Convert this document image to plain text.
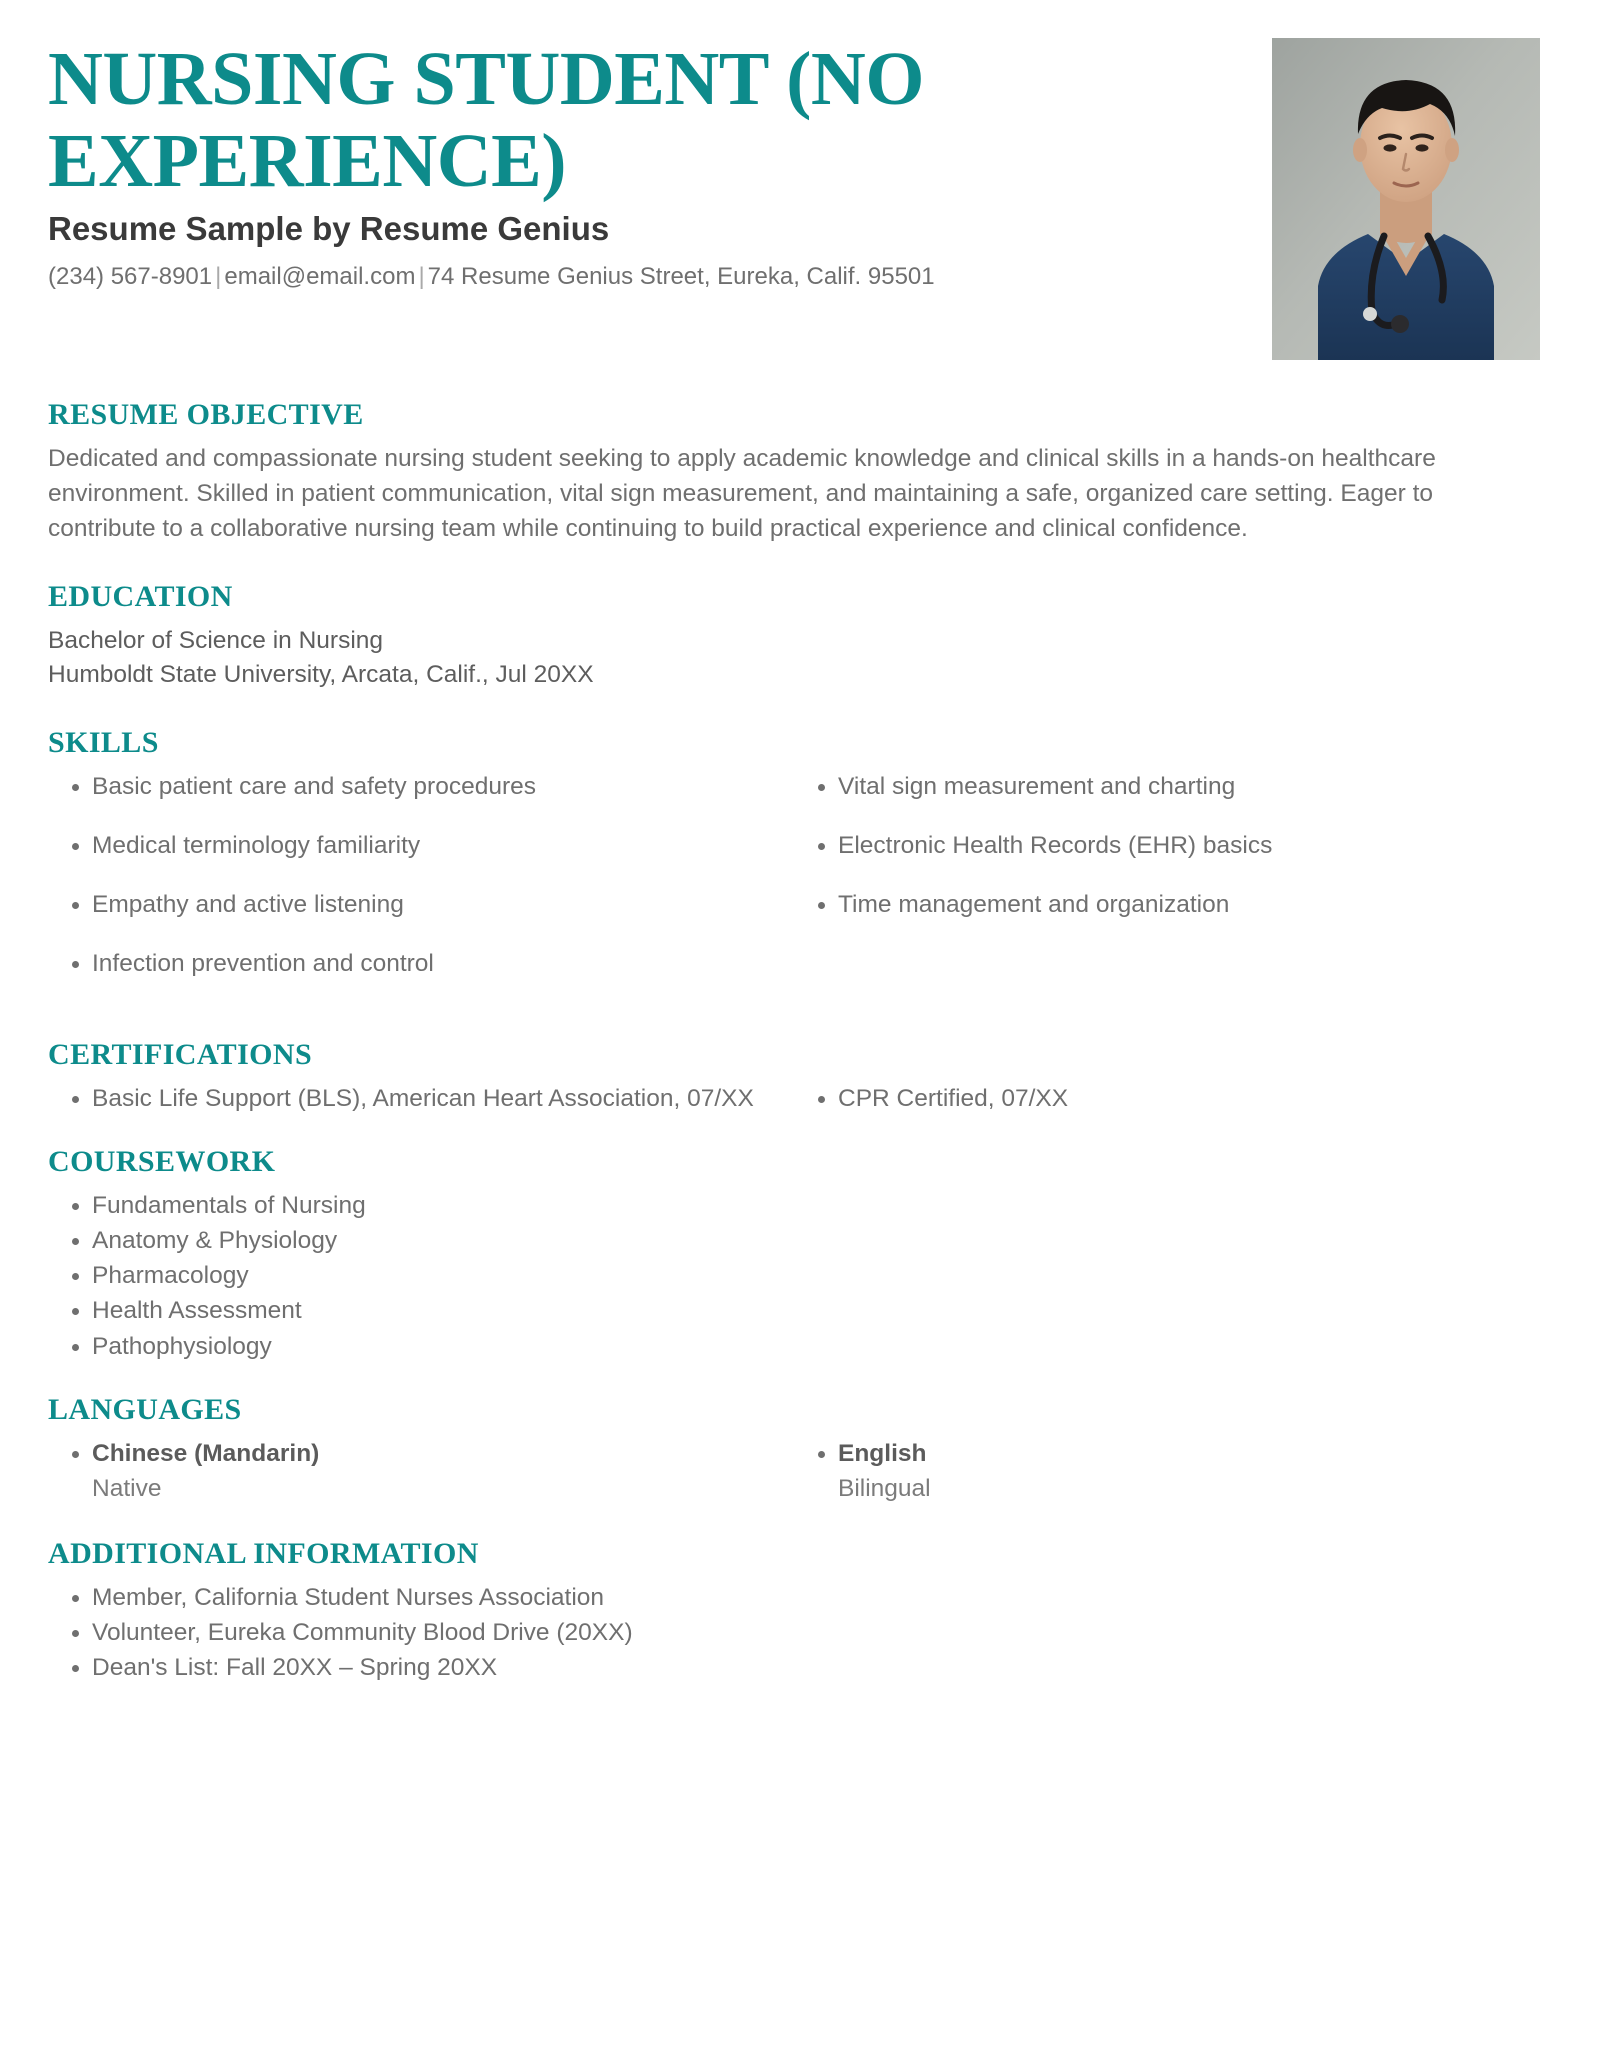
NURSING STUDENT (NO EXPERIENCE)
Resume Sample by Resume Genius
(234) 567-8901 | email@email.com | 74 Resume Genius Street, Eureka, Calif. 95501
RESUME OBJECTIVE

Dedicated and compassionate nursing student seeking to apply academic knowledge and clinical skills in a hands-on healthcare environment. Skilled in patient communication, vital sign measurement, and maintaining a safe, organized care setting. Eager to contribute to a collaborative nursing team while continuing to build practical experience and clinical confidence.

EDUCATION

Bachelor of Science in Nursing

Humboldt State University, Arcata, Calif., Jul 20XX

SKILLS
Basic patient care and safety procedures
Medical terminology familiarity
Empathy and active listening
Infection prevention and control
Vital sign measurement and charting
Electronic Health Records (EHR) basics
Time management and organization
CERTIFICATIONS
Basic Life Support (BLS), American Heart Association, 07/XX	CPR Certified, 07/XX
COURSEWORK
Fundamentals of Nursing
Anatomy & Physiology
Pharmacology
Health Assessment
Pathophysiology
LANGUAGES
Chinese (Mandarin)
Native
English
Bilingual
ADDITIONAL INFORMATION
Member, California Student Nurses Association
Volunteer, Eureka Community Blood Drive (20XX)
Dean's List: Fall 20XX – Spring 20XX
